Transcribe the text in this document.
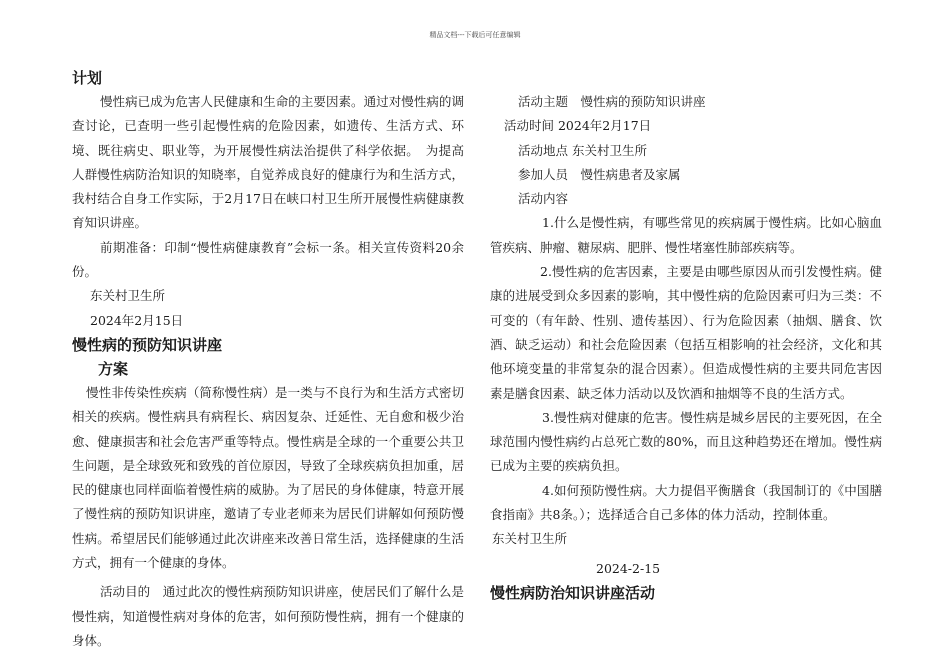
精品文档---下载后可任意编辑
计划

慢性病已成为危害人民健康和生命的主要因素。通过对慢性病的调查讨论，已查明一些引起慢性病的危险因素，如遗传、生活方式、环境、既往病史、职业等，为开展慢性病法治提供了科学依据。　为提高人群慢性病防治知识的知晓率，自觉养成良好的健康行为和生活方式，我村结合自身工作实际，于2月17日在峡口村卫生所开展慢性病健康教育知识讲座。

前期准备：印制“慢性病健康教育”会标一条。相关宣传资料20余份。

东关村卫生所

2024年2月15日

慢性病的预防知识讲座
方案

慢性非传染性疾病（简称慢性病）是一类与不良行为和生活方式密切相关的疾病。慢性病具有病程长、病因复杂、迁延性、无自愈和极少治愈、健康损害和社会危害严重等特点。慢性病是全球的一个重要公共卫生问题，是全球致死和致残的首位原因，导致了全球疾病负担加重，居民的健康也同样面临着慢性病的威胁。为了居民的身体健康，特意开展了慢性病的预防知识讲座，邀请了专业老师来为居民们讲解如何预防慢性病。希望居民们能够通过此次讲座来改善日常生活，选择健康的生活方式，拥有一个健康的身体。

活动目的　通过此次的慢性病预防知识讲座，使居民们了解什么是慢性病，知道慢性病对身体的危害，如何预防慢性病，拥有一个健康的身体。

活动主题　慢性病的预防知识讲座

活动时间 2024年2月17日

活动地点 东关村卫生所

参加人员　慢性病患者及家属

活动内容

1.什么是慢性病，有哪些常见的疾病属于慢性病。比如心脑血管疾病、肿瘤、糖尿病、肥胖、慢性堵塞性肺部疾病等。

2.慢性病的危害因素，主要是由哪些原因从而引发慢性病。健康的进展受到众多因素的影响，其中慢性病的危险因素可归为三类：不可变的（有年龄、性别、遗传基因）、行为危险因素（抽烟、膳食、饮酒、缺乏运动）和社会危险因素（包括互相影响的社会经济，文化和其他环境变量的非常复杂的混合因素）。但造成慢性病的主要共同危害因素是膳食因素、缺乏体力活动以及饮酒和抽烟等不良的生活方式。

3.慢性病对健康的危害。慢性病是城乡居民的主要死因，在全球范围内慢性病约占总死亡数的80%，而且这种趋势还在增加。慢性病已成为主要的疾病负担。

4.如何预防慢性病。大力提倡平衡膳食（我国制订的《中国膳食指南》共8条。）；选择适合自己多体的体力活动，控制体重。

东关村卫生所

2024-2-15

慢性病防治知识讲座活动
